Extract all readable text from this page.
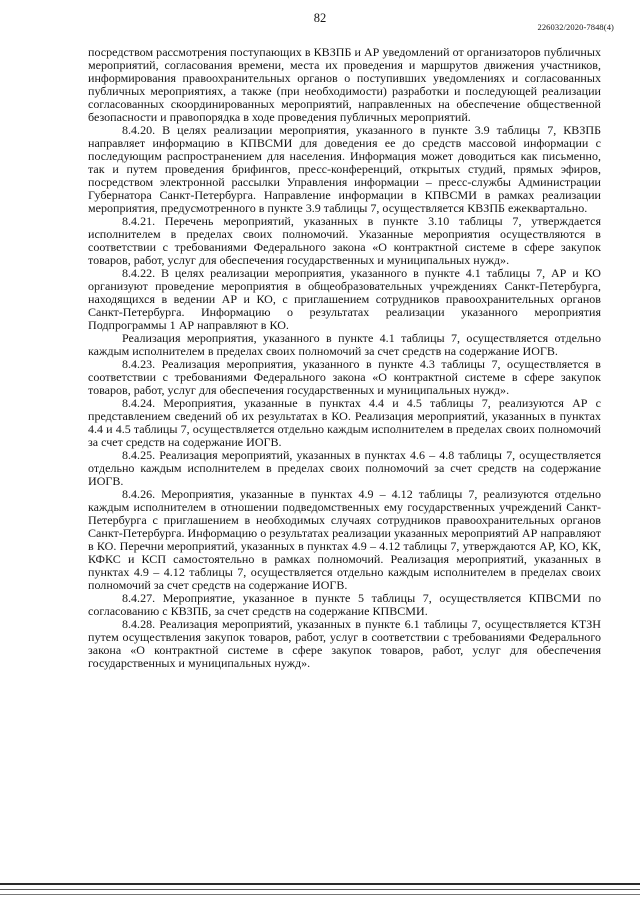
82
226032/2020-7848(4)

посредством рассмотрения поступающих в КВЗПБ и АР уведомлений от организаторов публичных мероприятий, согласования времени, места их проведения и маршрутов движения участников, информирования правоохранительных органов о поступивших уведомлениях и согласованных публичных мероприятиях, а также (при необходимости) разработки и последующей реализации согласованных скоординированных мероприятий, направленных на обеспечение общественной безопасности и правопорядка в ходе проведения публичных мероприятий.

8.4.20. В целях реализации мероприятия, указанного в пункте 3.9 таблицы 7, КВЗПБ направляет информацию в КПВСМИ для доведения ее до средств массовой информации с последующим распространением для населения. Информация может доводиться как письменно, так и путем проведения брифингов, пресс-конференций, открытых студий, прямых эфиров, посредством электронной рассылки Управления информации – пресс-службы Администрации Губернатора Санкт-Петербурга. Направление информации в КПВСМИ в рамках реализации мероприятия, предусмотренного в пункте 3.9 таблицы 7, осуществляется КВЗПБ ежеквартально.

8.4.21. Перечень мероприятий, указанных в пункте 3.10 таблицы 7, утверждается исполнителем в пределах своих полномочий. Указанные мероприятия осуществляются в соответствии с требованиями Федерального закона «О контрактной системе в сфере закупок товаров, работ, услуг для обеспечения государственных и муниципальных нужд».

8.4.22. В целях реализации мероприятия, указанного в пункте 4.1 таблицы 7, АР и КО организуют проведение мероприятия в общеобразовательных учреждениях Санкт-Петербурга, находящихся в ведении АР и КО, с приглашением сотрудников правоохранительных органов Санкт-Петербурга. Информацию о результатах реализации указанного мероприятия Подпрограммы 1 АР направляют в КО.

Реализация мероприятия, указанного в пункте 4.1 таблицы 7, осуществляется отдельно каждым исполнителем в пределах своих полномочий за счет средств на содержание ИОГВ.

8.4.23. Реализация мероприятия, указанного в пункте 4.3 таблицы 7, осуществляется в соответствии с требованиями Федерального закона «О контрактной системе в сфере закупок товаров, работ, услуг для обеспечения государственных и муниципальных нужд».

8.4.24. Мероприятия, указанные в пунктах 4.4 и 4.5 таблицы 7, реализуются АР с представлением сведений об их результатах в КО. Реализация мероприятий, указанных в пунктах 4.4 и 4.5 таблицы 7, осуществляется отдельно каждым исполнителем в пределах своих полномочий за счет средств на содержание ИОГВ.

8.4.25. Реализация мероприятий, указанных в пунктах 4.6 – 4.8 таблицы 7, осуществляется отдельно каждым исполнителем в пределах своих полномочий за счет средств на содержание ИОГВ.

8.4.26. Мероприятия, указанные в пунктах 4.9 – 4.12 таблицы 7, реализуются отдельно каждым исполнителем в отношении подведомственных ему государственных учреждений Санкт-Петербурга с приглашением в необходимых случаях сотрудников правоохранительных органов Санкт-Петербурга. Информацию о результатах реализации указанных мероприятий АР направляют в КО. Перечни мероприятий, указанных в пунктах 4.9 – 4.12 таблицы 7, утверждаются АР, КО, КК, КФКС и КСП самостоятельно в рамках полномочий. Реализация мероприятий, указанных в пунктах 4.9 – 4.12 таблицы 7, осуществляется отдельно каждым исполнителем в пределах своих полномочий за счет средств на содержание ИОГВ.

8.4.27. Мероприятие, указанное в пункте 5 таблицы 7, осуществляется КПВСМИ по согласованию с КВЗПБ, за счет средств на содержание КПВСМИ.

8.4.28. Реализация мероприятий, указанных в пункте 6.1 таблицы 7, осуществляется КТЗН путем осуществления закупок товаров, работ, услуг в соответствии с требованиями Федерального закона «О контрактной системе в сфере закупок товаров, работ, услуг для обеспечения государственных и муниципальных нужд».
